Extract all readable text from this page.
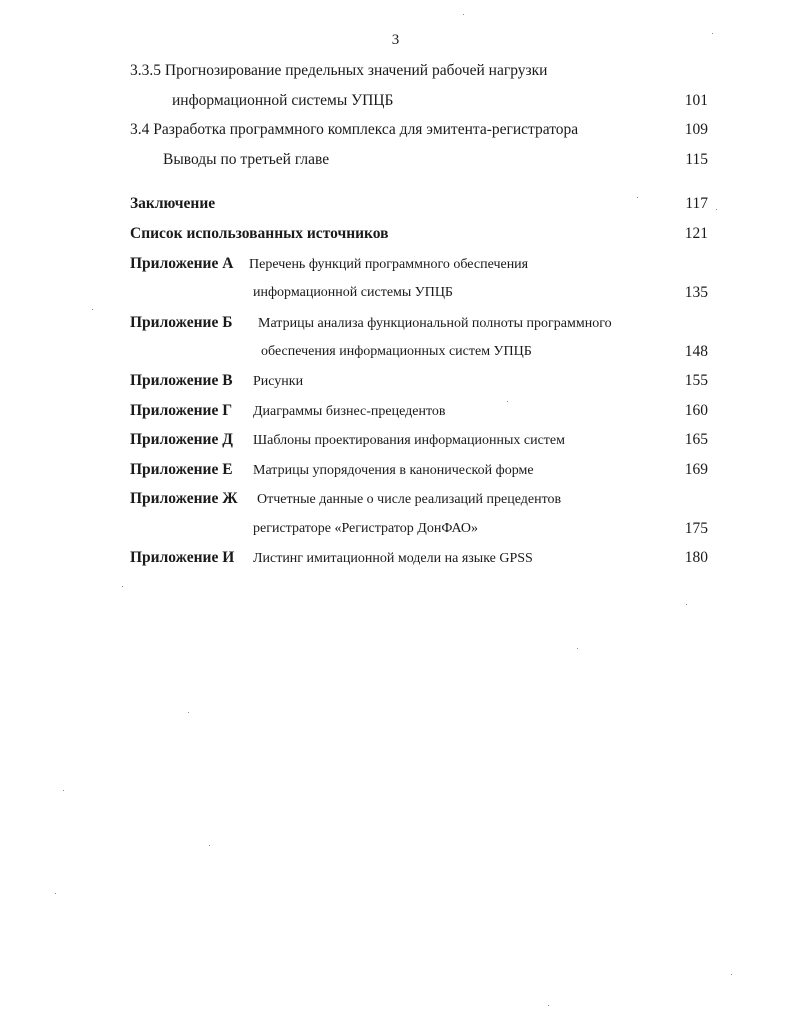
3
3.3.5 Прогнозирование предельных значений рабочей нагрузки
информационной системы УПЦБ	101
3.4 Разработка программного комплекса для эмитента-регистратора	109
Выводы по третьей главе	115
Заключение	117
Список использованных источников	121
Приложение А Перечень функций программного обеспечения
информационной системы УПЦБ	135
Приложение Б Матрицы анализа функциональной полноты программного
обеспечения информационных систем УПЦБ	148
Приложение В Рисунки	155
Приложение Г Диаграммы бизнес-прецедентов	160
Приложение Д Шаблоны проектирования информационных систем	165
Приложение Е Матрицы упорядочения в канонической форме	169
Приложение Ж Отчетные данные о числе реализаций прецедентов
регистраторе «Регистратор ДонФАО»	175
Приложение И Листинг имитационной модели на языке GPSS	180
